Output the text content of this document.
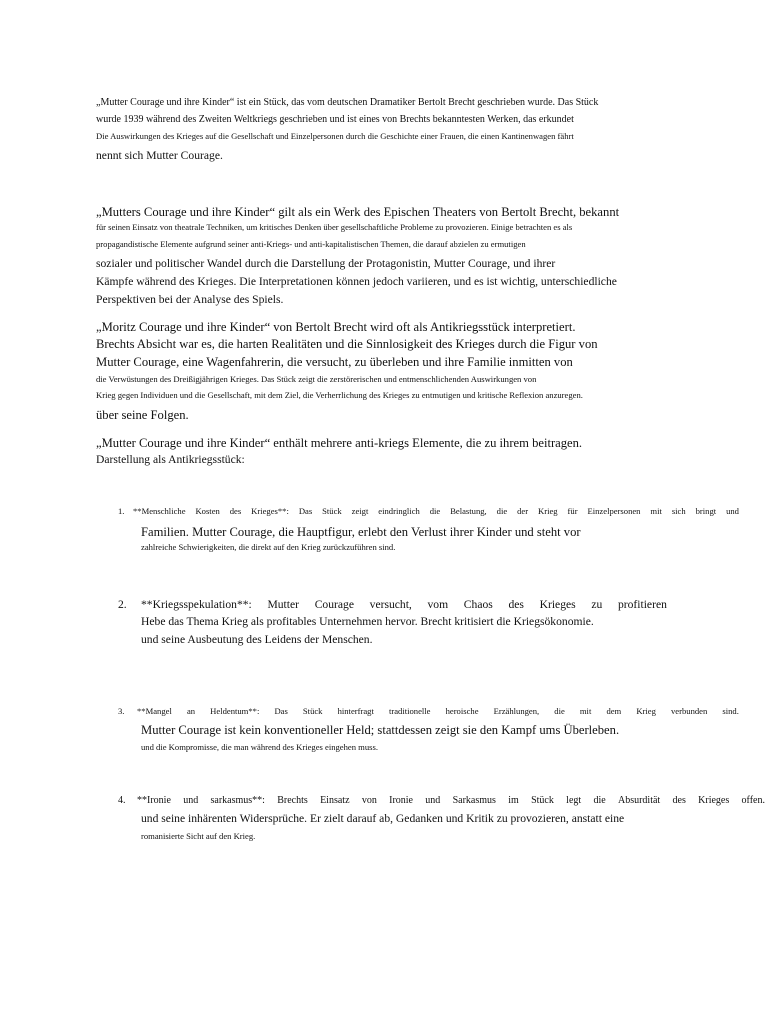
„Mutter Courage und ihre Kinder“ ist ein Stück, das vom deutschen Dramatiker Bertolt Brecht geschrieben wurde. Das Stück
wurde 1939 während des Zweiten Weltkriegs geschrieben und ist eines von Brechts bekanntesten Werken, das erkundet
Die Auswirkungen des Krieges auf die Gesellschaft und Einzelpersonen durch die Geschichte einer Frauen, die einen Kantinenwagen fährt
nennt sich Mutter Courage.
„Mutters Courage und ihre Kinder“ gilt als ein Werk des Epischen Theaters von Bertolt Brecht, bekannt
für seinen Einsatz von theatrale Techniken, um kritisches Denken über gesellschaftliche Probleme zu provozieren. Einige betrachten es als
propagandistische Elemente aufgrund seiner anti-Kriegs- und anti-kapitalistischen Themen, die darauf abzielen zu ermutigen
sozialer und politischer Wandel durch die Darstellung der Protagonistin, Mutter Courage, und ihrer
Kämpfe während des Krieges. Die Interpretationen können jedoch variieren, und es ist wichtig, unterschiedliche
Perspektiven bei der Analyse des Spiels.
„Moritz Courage und ihre Kinder“ von Bertolt Brecht wird oft als Antikriegsstück interpretiert.
Brechts Absicht war es, die harten Realitäten und die Sinnlosigkeit des Krieges durch die Figur von
Mutter Courage, eine Wagenfahrerin, die versucht, zu überleben und ihre Familie inmitten von
die Verwüstungen des Dreißigjährigen Krieges. Das Stück zeigt die zerstörerischen und entmenschlichenden Auswirkungen von
Krieg gegen Individuen und die Gesellschaft, mit dem Ziel, die Verherrlichung des Krieges zu entmutigen und kritische Reflexion anzuregen.
über seine Folgen.
„Mutter Courage und ihre Kinder“ enthält mehrere anti-kriegs Elemente, die zu ihrem beitragen.
Darstellung als Antikriegsstück:
1. **Menschliche Kosten des Krieges**: Das Stück zeigt eindringlich die Belastung, die der Krieg für Einzelpersonen mit sich bringt und
Familien. Mutter Courage, die Hauptfigur, erlebt den Verlust ihrer Kinder und steht vor
zahlreiche Schwierigkeiten, die direkt auf den Krieg zurückzuführen sind.
2. **Kriegsspekulation**: Mutter Courage versucht, vom Chaos des Krieges zu profitieren
Hebe das Thema Krieg als profitables Unternehmen hervor. Brecht kritisiert die Kriegsökonomie.
und seine Ausbeutung des Leidens der Menschen.
3. **Mangel an Heldentum**: Das Stück hinterfragt traditionelle heroische Erzählungen, die mit dem Krieg verbunden sind.
Mutter Courage ist kein konventioneller Held; stattdessen zeigt sie den Kampf ums Überleben.
und die Kompromisse, die man während des Krieges eingehen muss.
4. **Ironie und sarkasmus**: Brechts Einsatz von Ironie und Sarkasmus im Stück legt die Absurdität des Krieges offen.
und seine inhärenten Widersprüche. Er zielt darauf ab, Gedanken und Kritik zu provozieren, anstatt eine
romanisierte Sicht auf den Krieg.
